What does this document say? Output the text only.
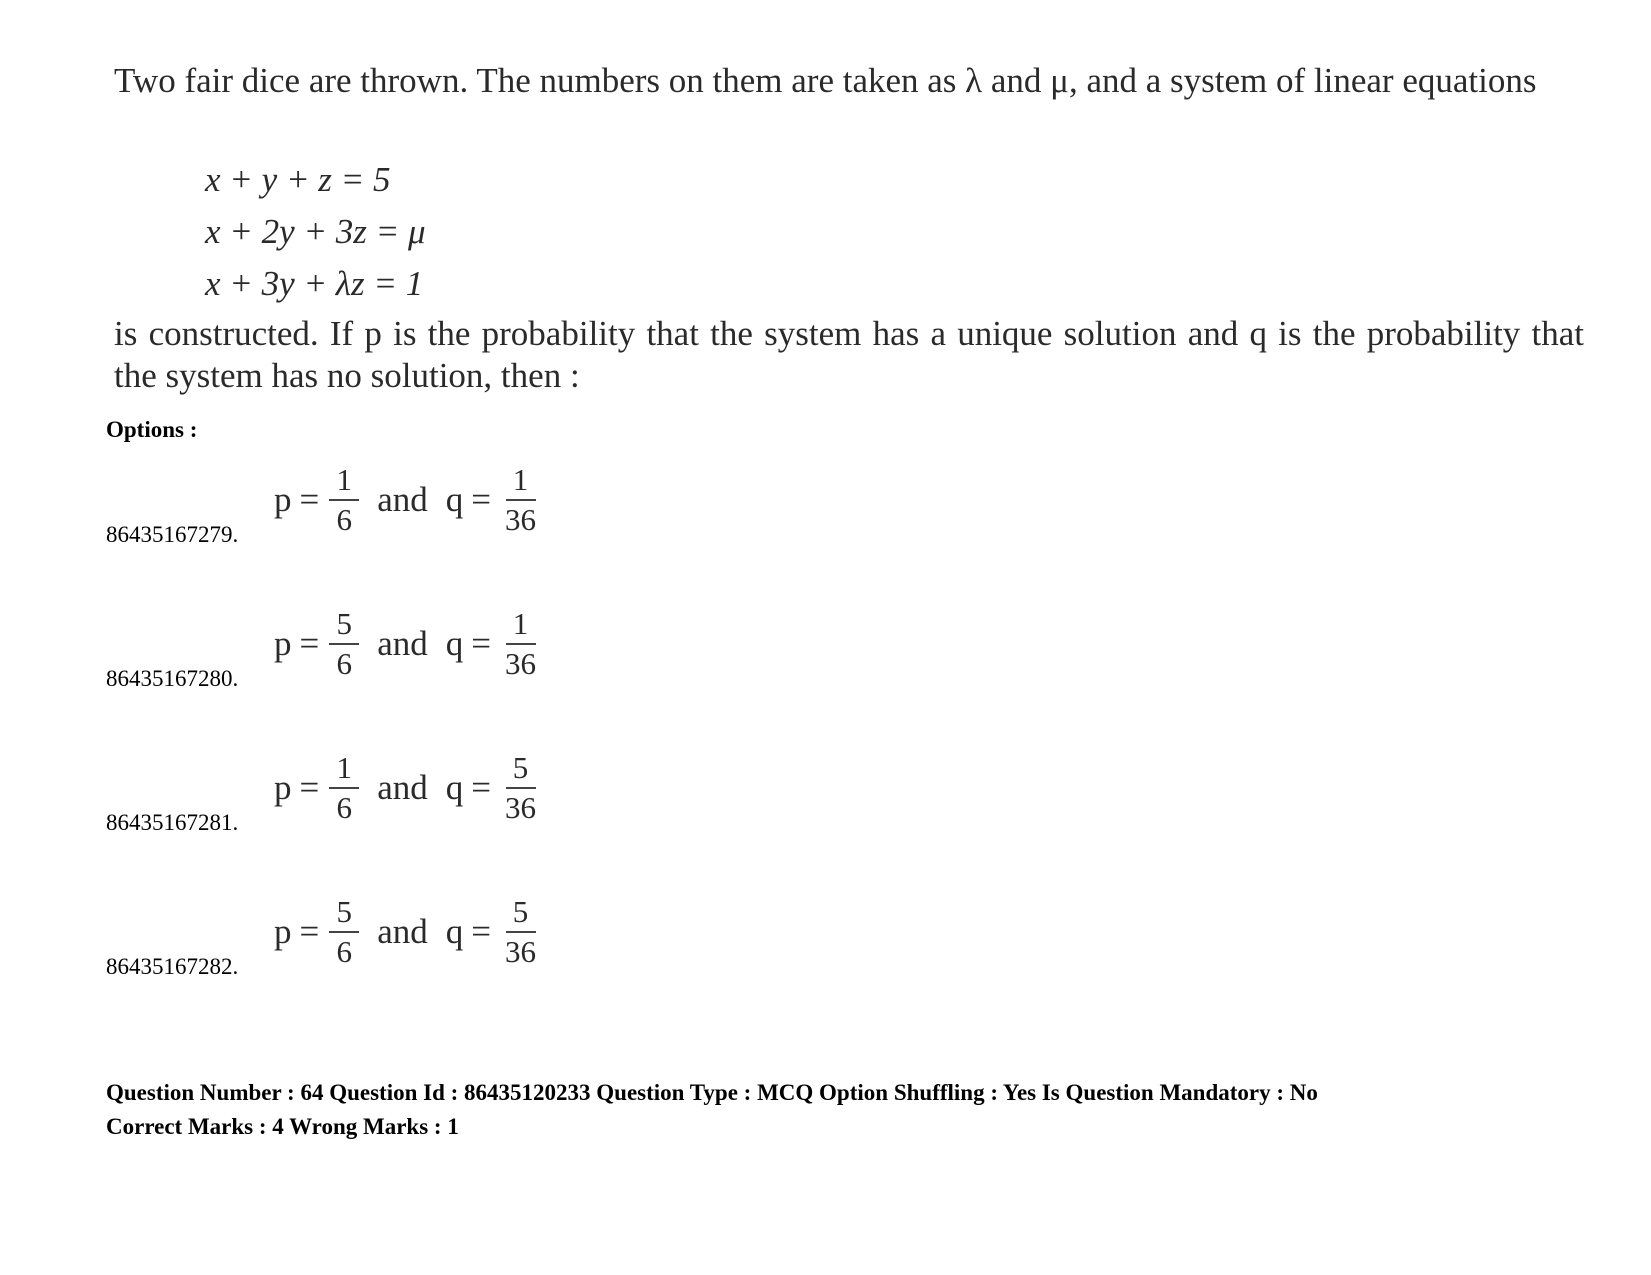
Two fair dice are thrown. The numbers on them are taken as λ and μ, and a system of linear equations
x + y + z = 5
x + 2y + 3z = μ
x + 3y + λz = 1
is constructed. If p is the probability that the system has a unique solution and q is the probability that the system has no solution, then :
Options :
$p = \frac{1}{6}$ and $q = \frac{1}{36}$
86435167279.
$p = \frac{5}{6}$ and $q = \frac{1}{36}$
86435167280.
$p = \frac{1}{6}$ and $q = \frac{5}{36}$
86435167281.
$p = \frac{5}{6}$ and $q = \frac{5}{36}$
86435167282.
Question Number : 64 Question Id : 86435120233 Question Type : MCQ Option Shuffling : Yes Is Question Mandatory : No
Correct Marks : 4 Wrong Marks : 1
